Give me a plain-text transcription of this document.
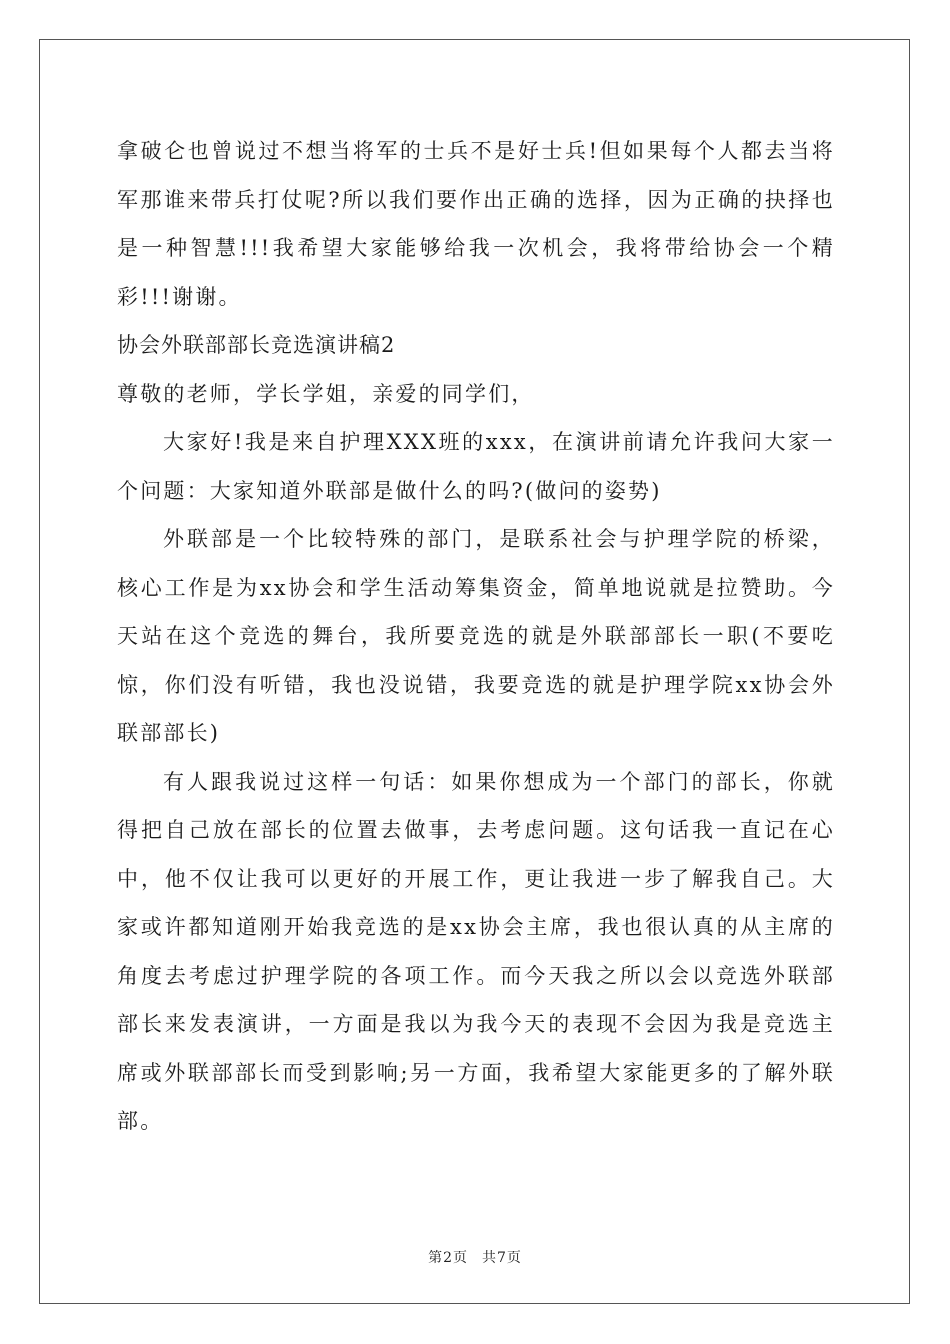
拿破仑也曾说过不想当将军的士兵不是好士兵!但如果每个人都去当将军那谁来带兵打仗呢?所以我们要作出正确的选择，因为正确的抉择也是一种智慧!!!我希望大家能够给我一次机会，我将带给协会一个精彩!!!谢谢。

协会外联部部长竞选演讲稿2

尊敬的老师，学长学姐，亲爱的同学们，

大家好!我是来自护理XXX班的xxx，在演讲前请允许我问大家一个问题：大家知道外联部是做什么的吗?(做问的姿势)

外联部是一个比较特殊的部门，是联系社会与护理学院的桥梁，核心工作是为xx协会和学生活动筹集资金，简单地说就是拉赞助。今天站在这个竞选的舞台，我所要竞选的就是外联部部长一职(不要吃惊，你们没有听错，我也没说错，我要竞选的就是护理学院xx协会外联部部长)

有人跟我说过这样一句话：如果你想成为一个部门的部长，你就得把自己放在部长的位置去做事，去考虑问题。这句话我一直记在心中，他不仅让我可以更好的开展工作，更让我进一步了解我自己。大家或许都知道刚开始我竞选的是xx协会主席，我也很认真的从主席的角度去考虑过护理学院的各项工作。而今天我之所以会以竞选外联部部长来发表演讲，一方面是我以为我今天的表现不会因为我是竞选主席或外联部部长而受到影响;另一方面，我希望大家能更多的了解外联部。

第2页 共7页
